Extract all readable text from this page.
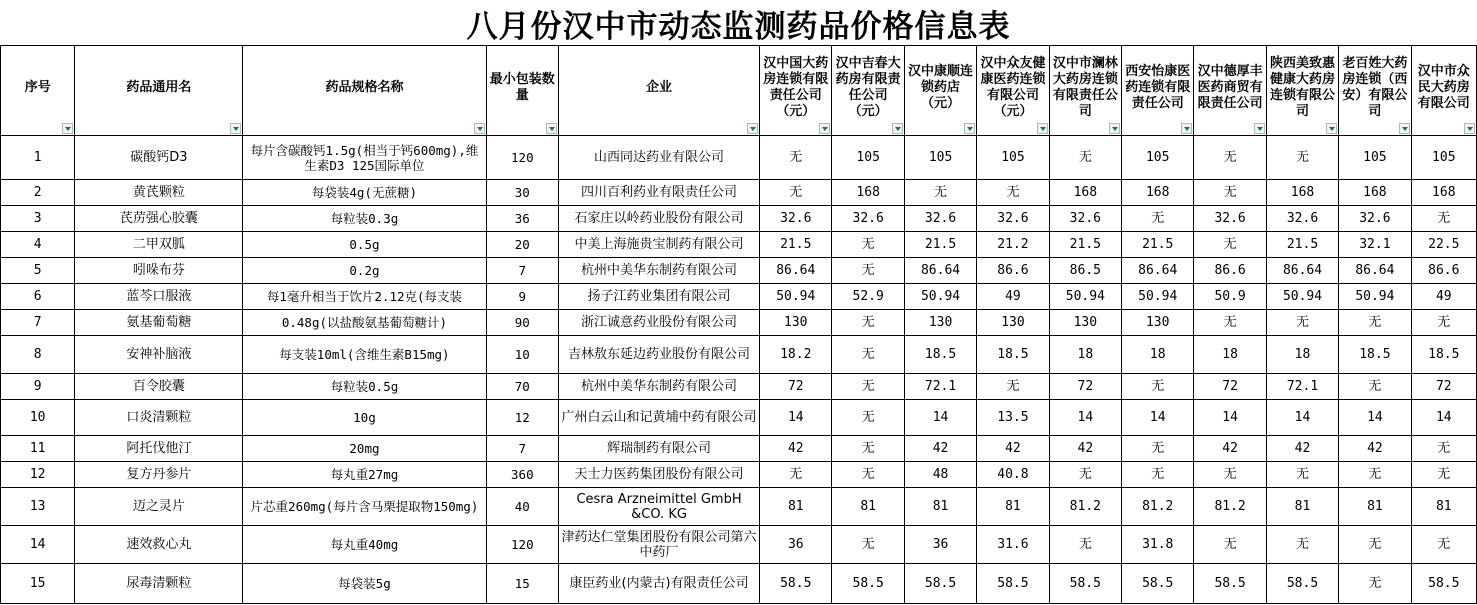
八月份汉中市动态监测药品价格信息表
序号	药品通用名	药品规格名称	最小包装数量	企业	汉中国大药房连锁有限责任公司（元）	汉中吉春大药房有限责任公司（元）	汉中康顺连锁药店（元）	汉中众友健康医药连锁有限公司（元）	汉中市澜林大药房连锁有限责任公司	西安怡康医药连锁有限责任公司	汉中德厚丰医药商贸有限责任公司	陕西美致惠健康大药房连锁有限公司	老百姓大药房连锁（西安）有限公司	汉中市众民大药房有限公司

1	碳酸钙D3	每片含碳酸钙1.5g(相当于钙600mg),维生素D3 125国际单位	120	山西同达药业有限公司	无	105	105	105	无	105	无	无	105	105
2	黄芪颗粒	每袋装4g(无蔗糖)	30	四川百利药业有限责任公司	无	168	无	无	168	168	无	168	168	168
3	芪苈强心胶囊	每粒装0.3g	36	石家庄以岭药业股份有限公司	32.6	32.6	32.6	32.6	32.6	无	32.6	32.6	32.6	无
4	二甲双胍	0.5g	20	中美上海施贵宝制药有限公司	21.5	无	21.5	21.2	21.5	21.5	无	21.5	32.1	22.5
5	吲哚布芬	0.2g	7	杭州中美华东制药有限公司	86.64	无	86.64	86.6	86.5	86.64	86.6	86.64	86.64	86.6
6	蓝芩口服液	每1毫升相当于饮片2.12克(每支装	9	扬子江药业集团有限公司	50.94	52.9	50.94	49	50.94	50.94	50.9	50.94	50.94	49
7	氨基葡萄糖	0.48g(以盐酸氨基葡萄糖计)	90	浙江诚意药业股份有限公司	130	无	130	130	130	130	无	无	无	无
8	安神补脑液	每支装10ml(含维生素B15mg)	10	吉林敖东延边药业股份有限公司	18.2	无	18.5	18.5	18	18	18	18	18.5	18.5
9	百令胶囊	每粒装0.5g	70	杭州中美华东制药有限公司	72	无	72.1	无	72	无	72	72.1	无	72
10	口炎清颗粒	10g	12	广州白云山和记黄埔中药有限公司	14	无	14	13.5	14	14	14	14	14	14
11	阿托伐他汀	20mg	7	辉瑞制药有限公司	42	无	42	42	42	无	42	42	42	无
12	复方丹参片	每丸重27mg	360	天士力医药集团股份有限公司	无	无	48	40.8	无	无	无	无	无	无
13	迈之灵片	片芯重260mg(每片含马栗提取物150mg)	40	Cesra Arzneimittel GmbH &CO. KG	81	81	81	81	81.2	81.2	81.2	81	81	81
14	速效救心丸	每丸重40mg	120	津药达仁堂集团股份有限公司第六中药厂	36	无	36	31.6	无	31.8	无	无	无	无
15	尿毒清颗粒	每袋装5g	15	康臣药业(内蒙古)有限责任公司	58.5	58.5	58.5	58.5	58.5	58.5	58.5	58.5	无	58.5
